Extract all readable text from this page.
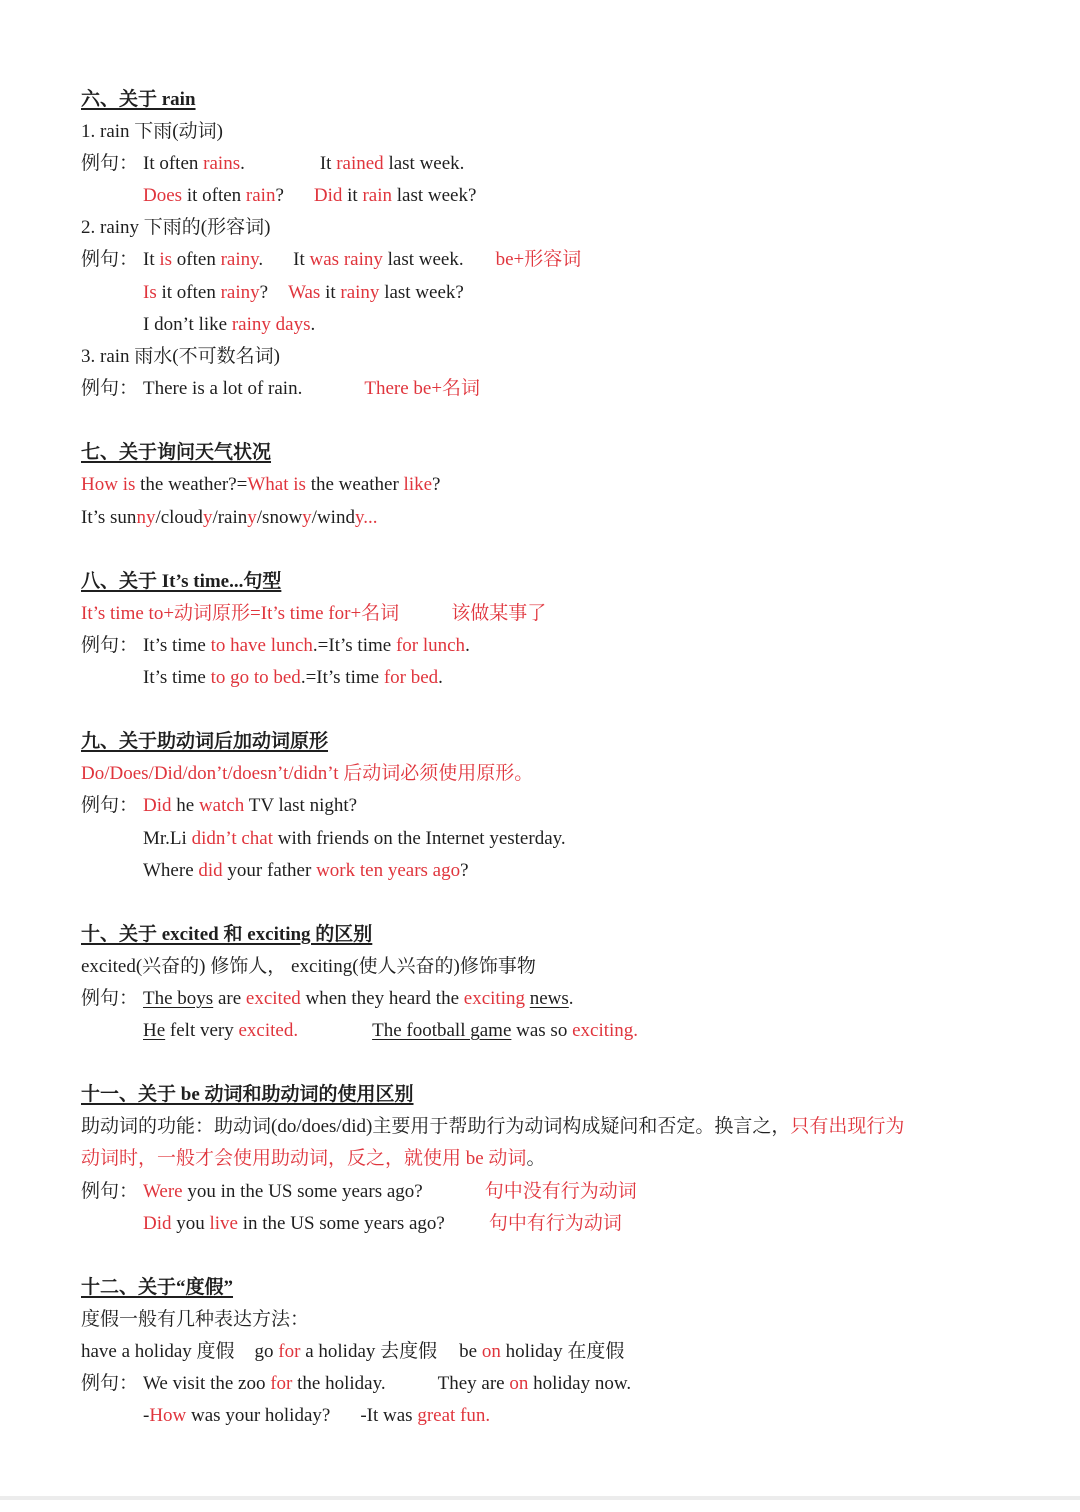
六、关于 rain
1. rain 下雨(动词)
例句： It often rains.	It rained last week.
Does it often rain? Did it rain last week?
2. rainy 下雨的(形容词)
例句： It is often rainy. It was rainy last week. be+形容词
Is it often rainy? Was it rainy last week?
I don’t like rainy days.
3. rain 雨水(不可数名词)
例句： There is a lot of rain.	There be+名词
七、关于询问天气状况
How is the weather?=What is the weather like?
It’s sunny/cloudy/rainy/snowy/windy...
八、关于 It’s time...句型
It’s time to+动词原形=It’s time for+名词	该做某事了
例句： It’s time to have lunch.=It’s time for lunch.
It’s time to go to bed.=It’s time for bed.
九、关于助动词后加动词原形
Do/Does/Did/don’t/doesn’t/didn’t 后动词必须使用原形。
例句： Did he watch TV last night?
Mr.Li didn’t chat with friends on the Internet yesterday.
Where did your father work ten years ago?
十、关于 excited 和 exciting 的区别
excited(兴奋的) 修饰人， exciting(使人兴奋的)修饰事物
例句： The boys are excited when they heard the exciting news.
He felt very excited.	The football game was so exciting.
十一、关于 be 动词和助动词的使用区别
助动词的功能：助动词(do/does/did)主要用于帮助行为动词构成疑问和否定。换言之，只有出现行为
动词时，一般才会使用助动词，反之，就使用 be 动词。
例句： Were you in the US some years ago?	句中没有行为动词
Did you live in the US some years ago? 句中有行为动词
十二、关于“度假”
度假一般有几种表达方法：
have a holiday 度假 go for a holiday 去度假 be on holiday 在度假
例句： We visit the zoo for the holiday.	They are on holiday now.
-How was your holiday? -It was great fun.
